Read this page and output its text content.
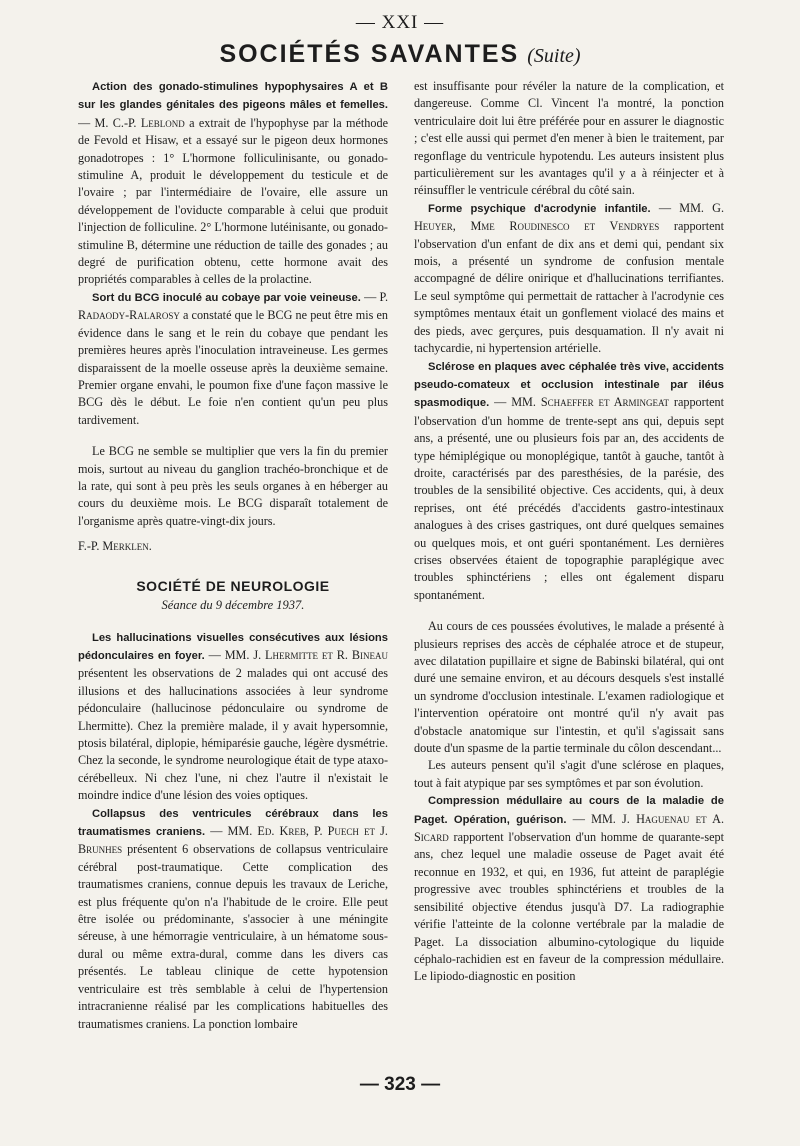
— XXI —
SOCIÉTÉS SAVANTES (Suite)

Action des gonado-stimulines hypophysaires A et B sur les glandes génitales des pigeons mâles et femelles. — M. C.-P. Leblond a extrait de l'hypophyse par la méthode de Fevold et Hisaw, et a essayé sur le pigeon deux hormones gonadotropes : 1° L'hormone folliculinisante, ou gonado-stimuline A, produit le développement du testicule et de l'ovaire ; par l'intermédiaire de l'ovaire, elle assure un développement de l'oviducte comparable à celui que produit l'injection de folliculine. 2° L'hormone lutéinisante, ou gonado-stimuline B, détermine une réduction de taille des gonades ; au degré de purification obtenu, cette hormone avait des propriétés comparables à celles de la prolactine.

Sort du BCG inoculé au cobaye par voie veineuse. — P. Radaody-Ralarosy a constaté que le BCG ne peut être mis en évidence dans le sang et le rein du cobaye que pendant les premières heures après l'inoculation intraveineuse. Les germes disparaissent de la moelle osseuse après la deuxième semaine. Premier organe envahi, le poumon fixe d'une façon massive le BCG dès le début. Le foie n'en contient qu'un peu plus tardivement.

Le BCG ne semble se multiplier que vers la fin du premier mois, surtout au niveau du ganglion trachéo-bronchique et de la rate, qui sont à peu près les seuls organes à en héberger au cours du deuxième mois. Le BCG disparaît totalement de l'organisme après quatre-vingt-dix jours.

F.-P. Merklen.

SOCIÉTÉ DE NEUROLOGIE
Séance du 9 décembre 1937.

Les hallucinations visuelles consécutives aux lésions pédonculaires en foyer. — MM. J. Lhermitte et R. Bineau présentent les observations de 2 malades qui ont accusé des illusions et des hallucinations associées à leur syndrome pédonculaire (hallucinose pédonculaire ou syndrome de Lhermitte). Chez la première malade, il y avait hypersomnie, ptosis bilatéral, diplopie, hémiparésie gauche, légère dysmétrie. Chez la seconde, le syndrome neurologique était de type ataxo-cérébelleux. Ni chez l'une, ni chez l'autre il n'existait le moindre indice d'une lésion des voies optiques.

Collapsus des ventricules cérébraux dans les traumatismes craniens. — MM. Ed. Kreb, P. Puech et J. Brunhes présentent 6 observations de collapsus ventriculaire cérébral post-traumatique. Cette complication des traumatismes craniens, connue depuis les travaux de Leriche, est plus fréquente qu'on n'a l'habitude de le croire. Elle peut être isolée ou prédominante, s'associer à une méningite séreuse, à une hémorragie ventriculaire, à un hématome sous-dural ou même extra-dural, comme dans les divers cas présentés. Le tableau clinique de cette hypotension ventriculaire est très semblable à celui de l'hypertension intracranienne réalisé par les complications habituelles des traumatismes craniens. La ponction lombaire

est insuffisante pour révéler la nature de la complication, et dangereuse. Comme Cl. Vincent l'a montré, la ponction ventriculaire doit lui être préférée pour en assurer le diagnostic ; c'est elle aussi qui permet d'en mener à bien le traitement, par regonflage du ventricule hypotendu. Les auteurs insistent plus particulièrement sur les avantages qu'il y a à réinjecter et à réinsuffler le ventricule cérébral du côté sain.

Forme psychique d'acrodynie infantile. — MM. G. Heuyer, Mme Roudinesco et Vendryes rapportent l'observation d'un enfant de dix ans et demi qui, pendant six mois, a présenté un syndrome de confusion mentale accompagné de délire onirique et d'hallucinations terrifiantes. Le seul symptôme qui permettait de rattacher à l'acrodynie ces symptômes mentaux était un gonflement violacé des mains et des pieds, avec gerçures, puis desquamation. Il n'y avait ni tachycardie, ni hypertension artérielle.

Sclérose en plaques avec céphalée très vive, accidents pseudo-comateux et occlusion intestinale par iléus spasmodique. — MM. Schaeffer et Armingeat rapportent l'observation d'un homme de trente-sept ans qui, depuis sept ans, a présenté, une ou plusieurs fois par an, des accidents de type hémiplégique ou monoplégique, tantôt à gauche, tantôt à droite, caractérisés par des paresthésies, de la parésie, des troubles de la sensibilité objective. Ces accidents, qui, à deux reprises, ont été précédés d'accidents gastro-intestinaux analogues à des crises gastriques, ont duré quelques semaines ou quelques mois, et ont guéri spontanément. Les dernières crises observées étaient de topographie paraplégique avec troubles sphinctériens ; elles ont également disparu spontanément.

Au cours de ces poussées évolutives, le malade a présenté à plusieurs reprises des accès de céphalée atroce et de stupeur, avec dilatation pupillaire et signe de Babinski bilatéral, qui ont duré une semaine environ, et au décours desquels s'est installé un syndrome d'occlusion intestinale. L'examen radiologique et l'intervention opératoire ont montré qu'il n'y avait pas d'obstacle anatomique sur l'intestin, et qu'il s'agissait sans doute d'un spasme de la partie terminale du côlon descendant...

Les auteurs pensent qu'il s'agit d'une sclérose en plaques, tout à fait atypique par ses symptômes et par son évolution.

Compression médullaire au cours de la maladie de Paget. Opération, guérison. — MM. J. Haguenau et A. Sicard rapportent l'observation d'un homme de quarante-sept ans, chez lequel une maladie osseuse de Paget avait été reconnue en 1932, et qui, en 1936, fut atteint de paraplégie progressive avec troubles sphinctériens et troubles de la sensibilité objective étendus jusqu'à D7. La radiographie vérifie l'atteinte de la colonne vertébrale par la maladie de Paget. La dissociation albumino-cytologique du liquide céphalo-rachidien est en faveur de la compression médullaire. Le lipiodo-diagnostic en position

— 323 —
